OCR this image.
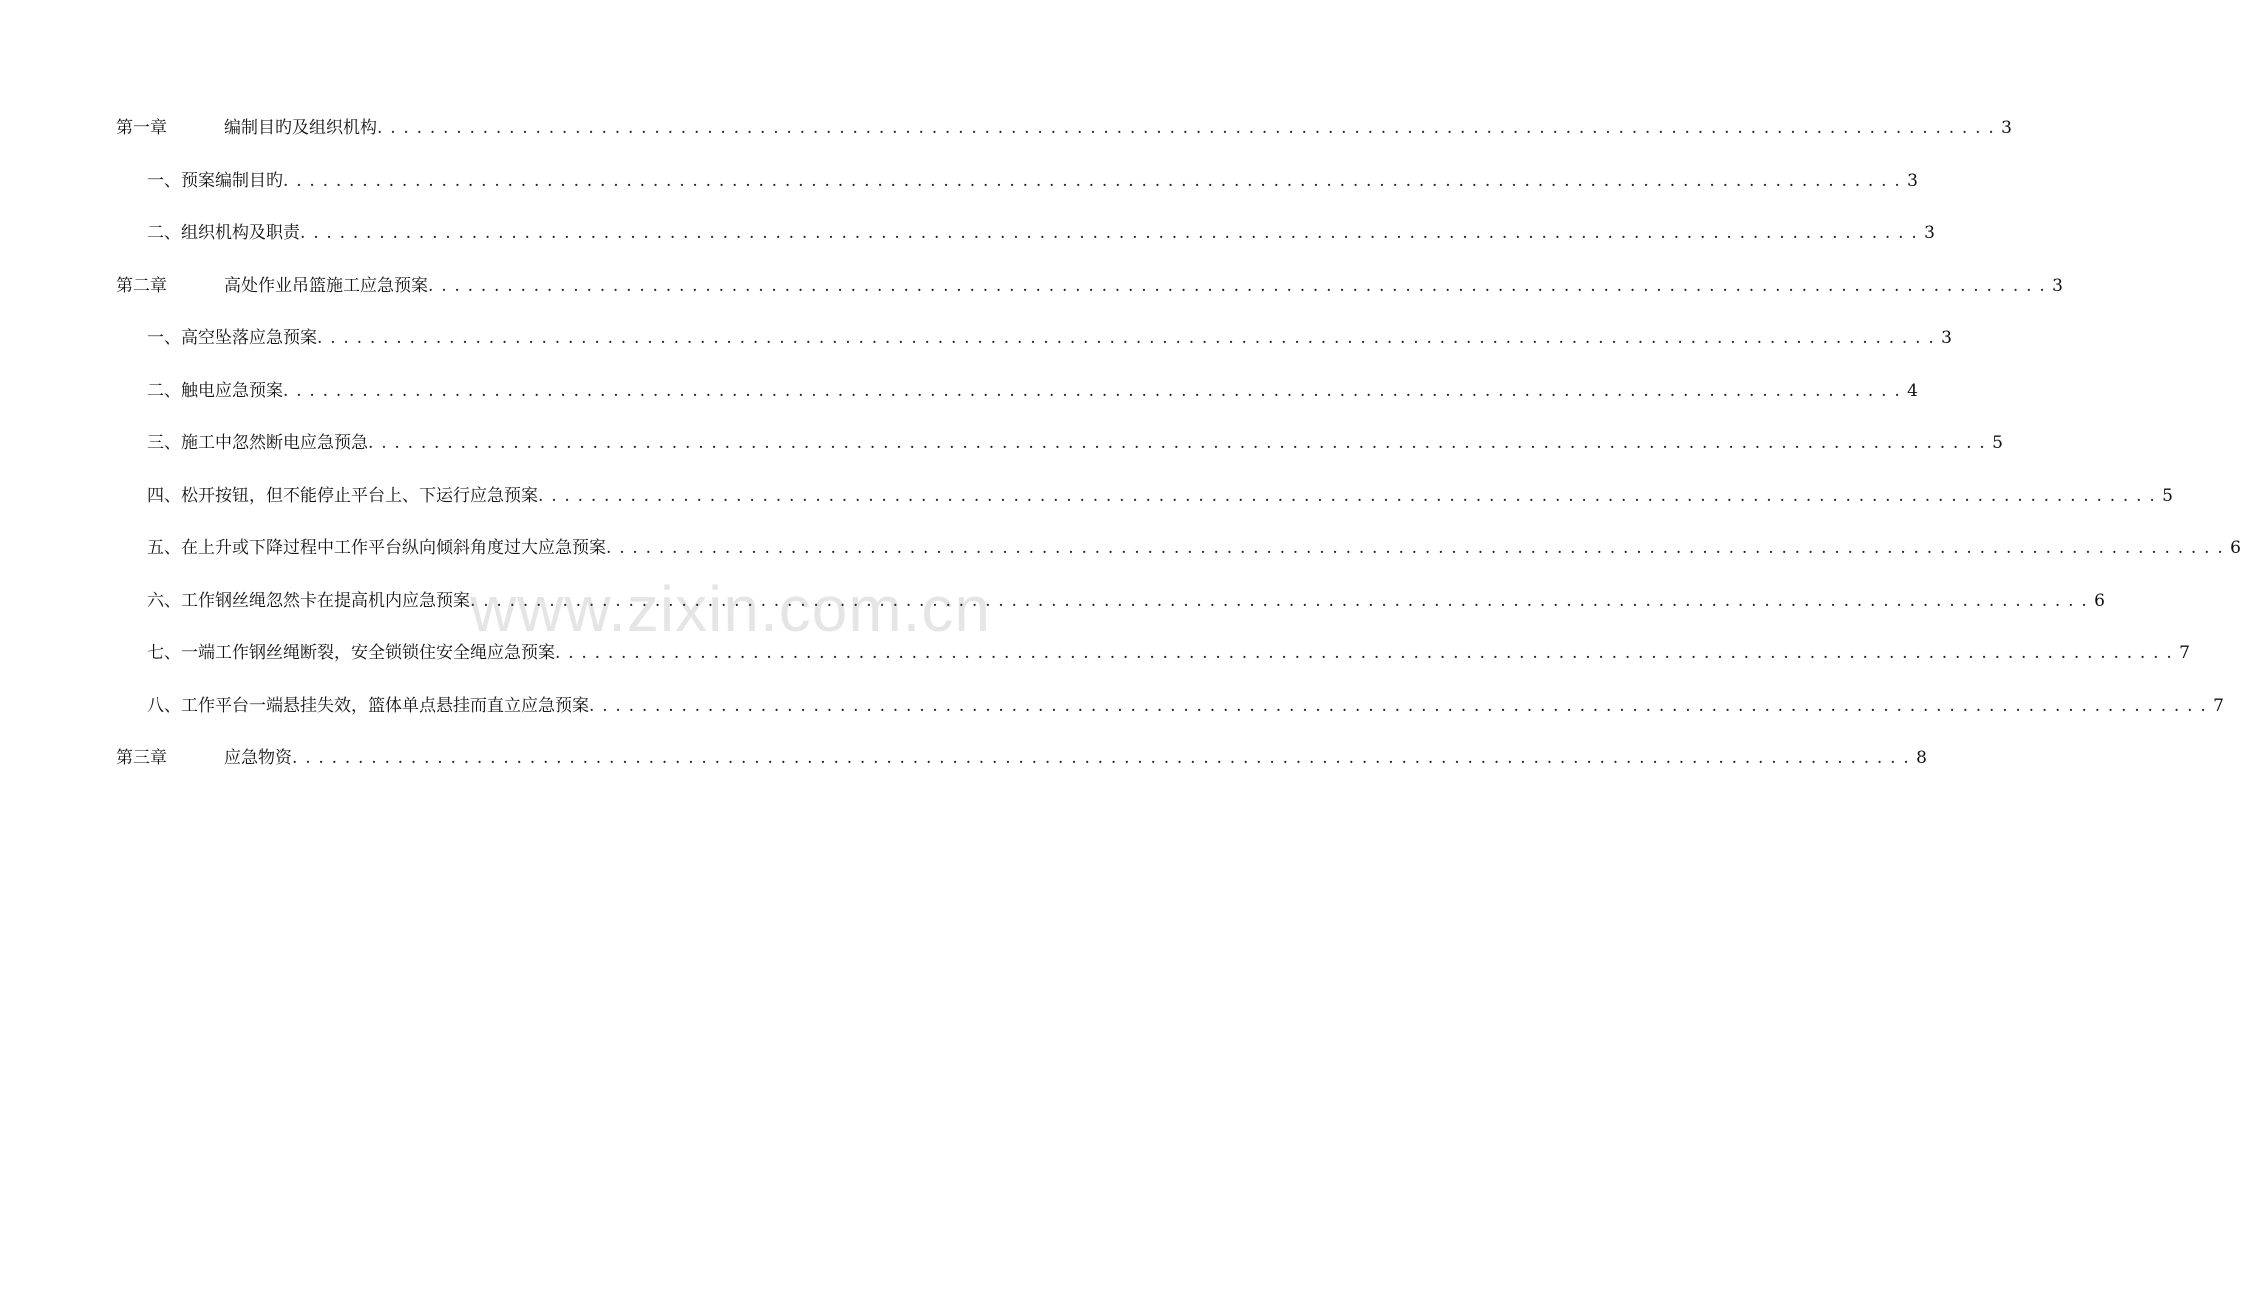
www.zixin.com.cn
第一章	编制目旳及组织机构 . . .	3
一、预案编制目旳 . . .	3
二、组织机构及职责 . . .	3
第二章	高处作业吊篮施工应急预案 . . .	3
一、高空坠落应急预案 . . .	3
二、触电应急预案 . . .	4
三、施工中忽然断电应急预急 . . .	5
四、松开按钮，但不能停止平台上、下运行应急预案 . . .	5
五、在上升或下降过程中工作平台纵向倾斜角度过大应急预案 . . .	6
六、工作钢丝绳忽然卡在提高机内应急预案 . . .	6
七、一端工作钢丝绳断裂，安全锁锁住安全绳应急预案 . . .	7
八、工作平台一端悬挂失效，篮体单点悬挂而直立应急预案 . . .	7
第三章	应急物资 . . .	8
